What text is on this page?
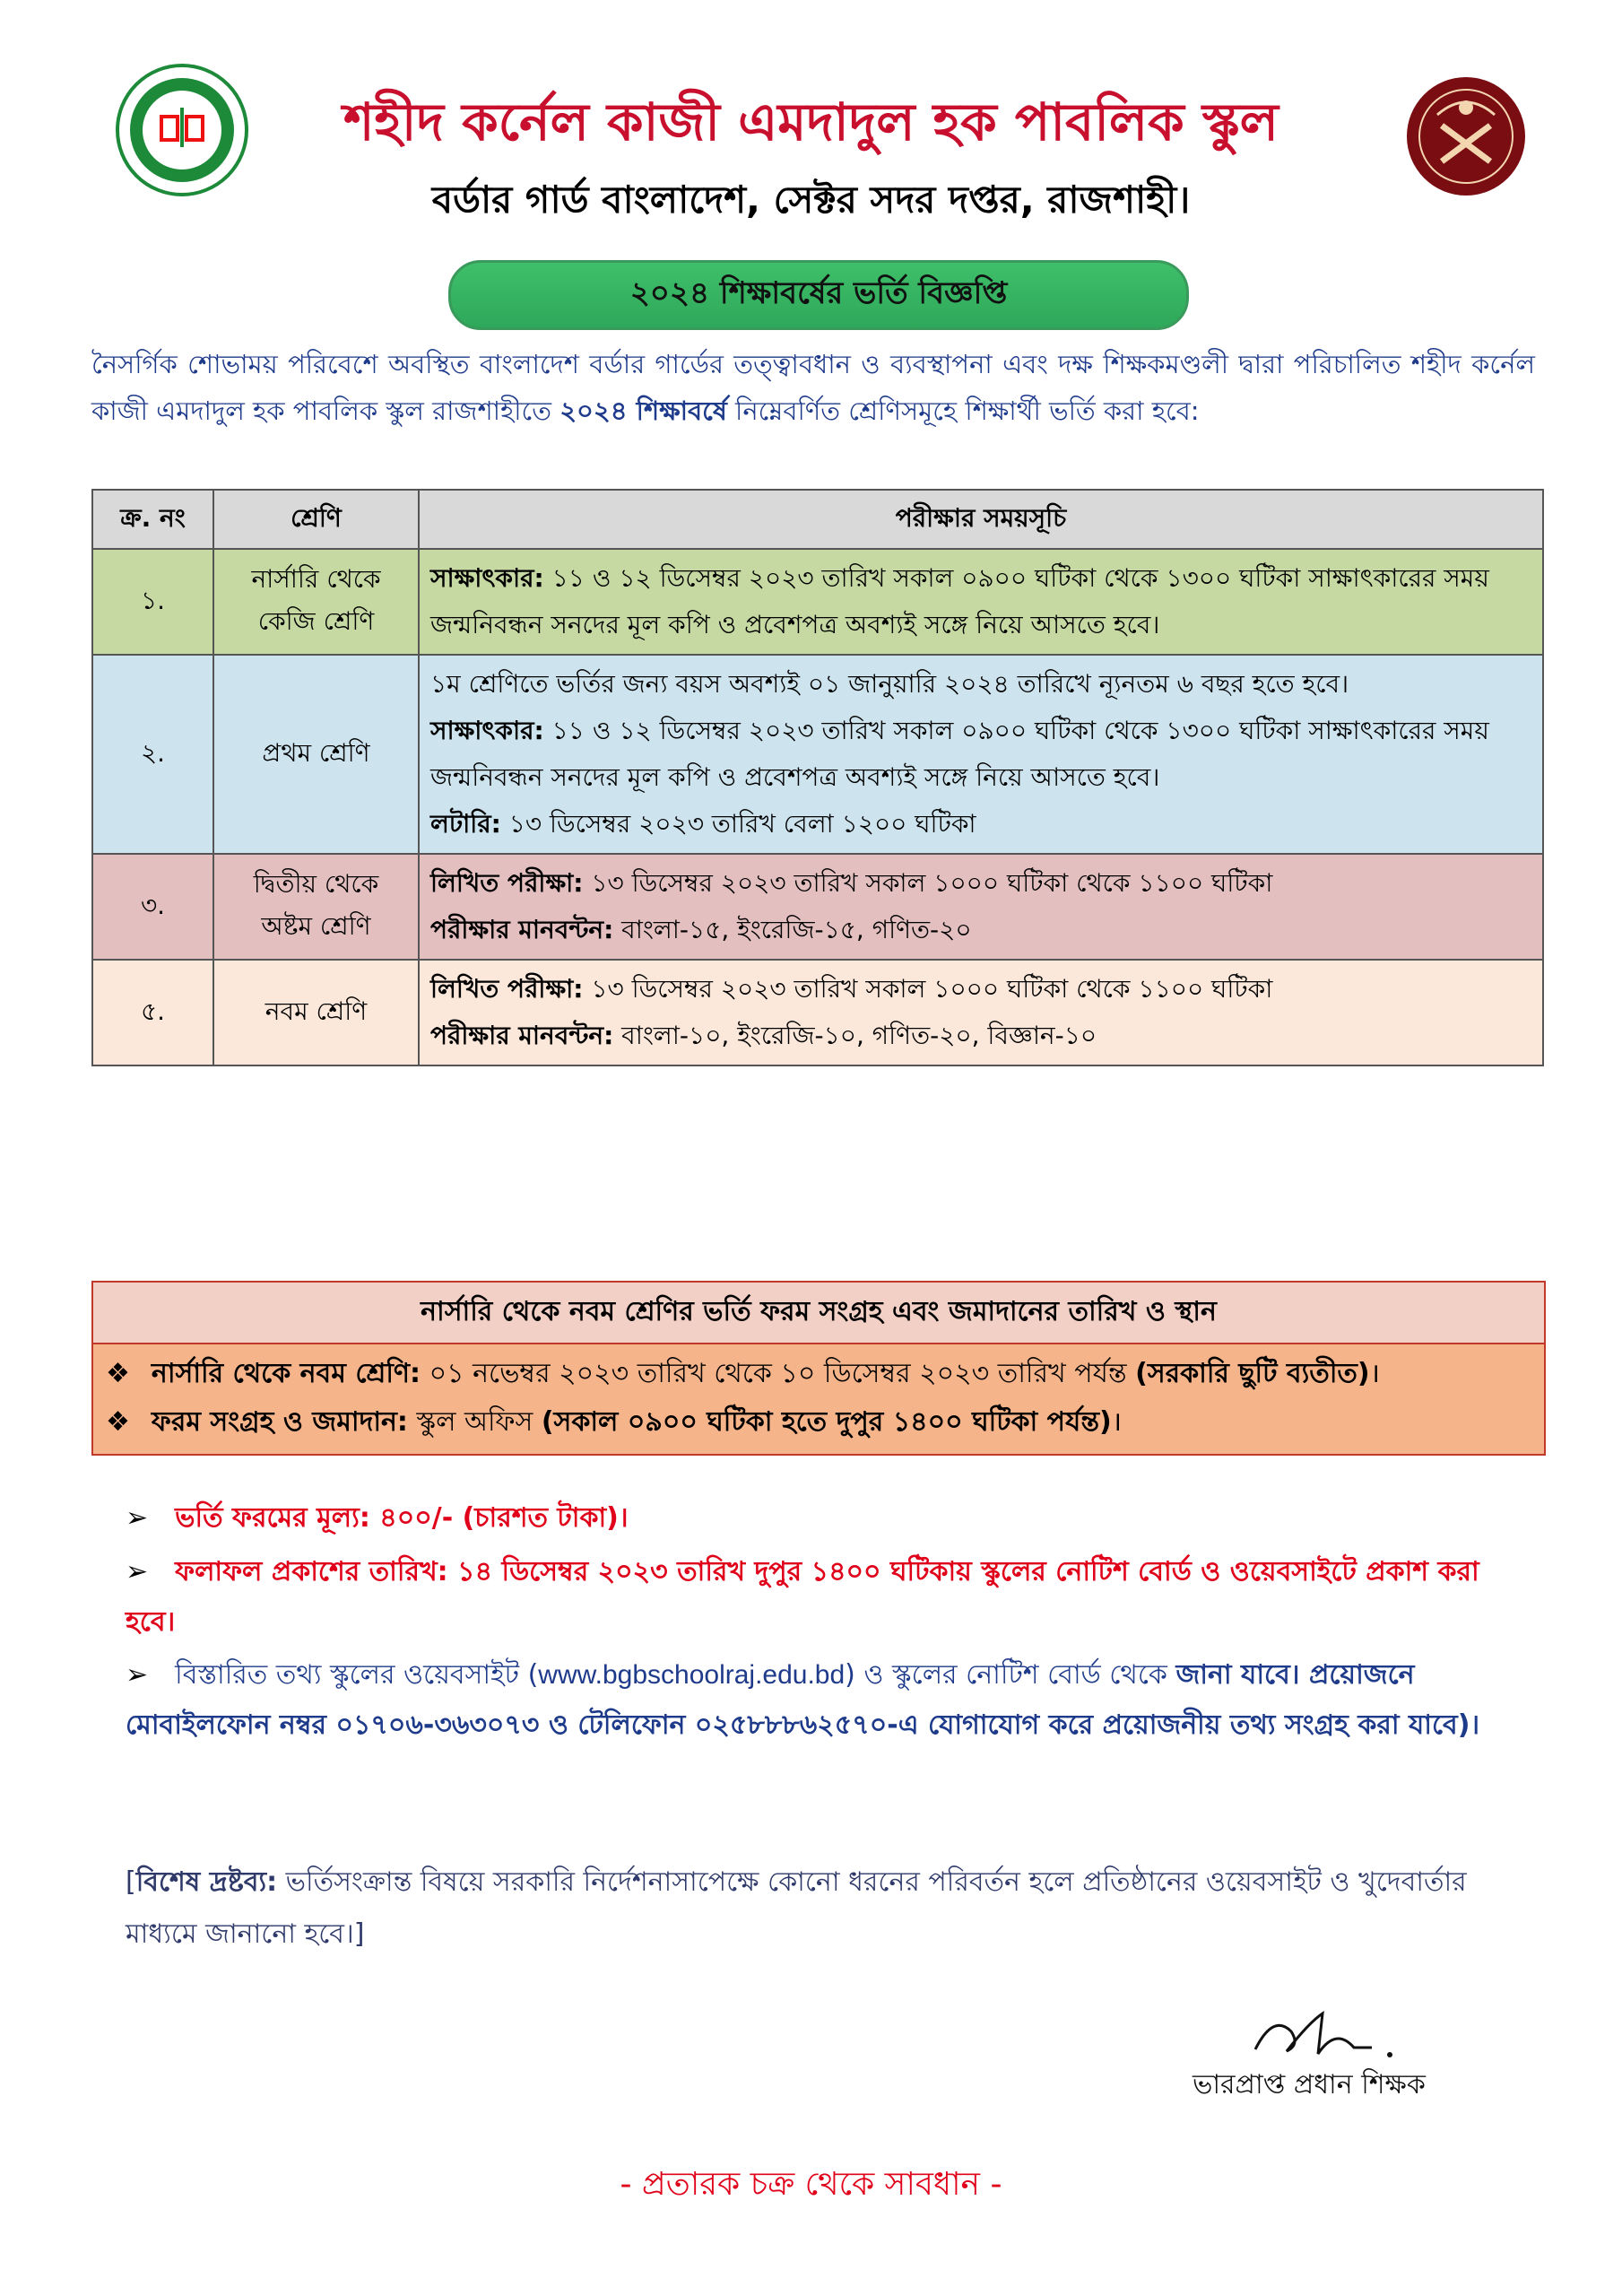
শহীদ কর্নেল কাজী এমদাদুল হক পাবলিক স্কুল
বর্ডার গার্ড বাংলাদেশ, সেক্টর সদর দপ্তর, রাজশাহী।
২০২৪ শিক্ষাবর্ষের ভর্তি বিজ্ঞপ্তি
নৈসর্গিক শোভাময় পরিবেশে অবস্থিত বাংলাদেশ বর্ডার গার্ডের তত্ত্বাবধান ও ব্যবস্থাপনা এবং দক্ষ শিক্ষকমণ্ডলী দ্বারা পরিচালিত শহীদ কর্নেল কাজী এমদাদুল হক পাবলিক স্কুল রাজশাহীতে ২০২৪ শিক্ষাবর্ষে নিম্নেবর্ণিত শ্রেণিসমূহে শিক্ষার্থী ভর্তি করা হবে:
ক্র. নং	শ্রেণি	পরীক্ষার সময়সূচি
১.	নার্সারি থেকে কেজি শ্রেণি	সাক্ষাৎকার: ১১ ও ১২ ডিসেম্বর ২০২৩ তারিখ সকাল ০৯০০ ঘটিকা থেকে ১৩০০ ঘটিকা সাক্ষাৎকারের সময় জন্মনিবন্ধন সনদের মূল কপি ও প্রবেশপত্র অবশ্যই সঙ্গে নিয়ে আসতে হবে।
২.	প্রথম শ্রেণি	১ম শ্রেণিতে ভর্তির জন্য বয়স অবশ্যই ০১ জানুয়ারি ২০২৪ তারিখে ন্যূনতম ৬ বছর হতে হবে।
সাক্ষাৎকার: ১১ ও ১২ ডিসেম্বর ২০২৩ তারিখ সকাল ০৯০০ ঘটিকা থেকে ১৩০০ ঘটিকা সাক্ষাৎকারের সময় জন্মনিবন্ধন সনদের মূল কপি ও প্রবেশপত্র অবশ্যই সঙ্গে নিয়ে আসতে হবে।
লটারি: ১৩ ডিসেম্বর ২০২৩ তারিখ বেলা ১২০০ ঘটিকা

৩.	দ্বিতীয় থেকে অষ্টম শ্রেণি	লিখিত পরীক্ষা: ১৩ ডিসেম্বর ২০২৩ তারিখ সকাল ১০০০ ঘটিকা থেকে ১১০০ ঘটিকা
পরীক্ষার মানবন্টন: বাংলা-১৫, ইংরেজি-১৫, গণিত-২০

৫.	নবম শ্রেণি	লিখিত পরীক্ষা: ১৩ ডিসেম্বর ২০২৩ তারিখ সকাল ১০০০ ঘটিকা থেকে ১১০০ ঘটিকা
পরীক্ষার মানবন্টন: বাংলা-১০, ইংরেজি-১০, গণিত-২০, বিজ্ঞান-১০
নার্সারি থেকে নবম শ্রেণির ভর্তি ফরম সংগ্রহ এবং জমাদানের তারিখ ও স্থান
❖ নার্সারি থেকে নবম শ্রেণি: ০১ নভেম্বর ২০২৩ তারিখ থেকে ১০ ডিসেম্বর ২০২৩ তারিখ পর্যন্ত (সরকারি ছুটি ব্যতীত)।
❖ ফরম সংগ্রহ ও জমাদান: স্কুল অফিস (সকাল ০৯০০ ঘটিকা হতে দুপুর ১৪০০ ঘটিকা পর্যন্ত)।
➢ ভর্তি ফরমের মূল্য: ৪০০/- (চারশত টাকা)।
➢ ফলাফল প্রকাশের তারিখ: ১৪ ডিসেম্বর ২০২৩ তারিখ দুপুর ১৪০০ ঘটিকায় স্কুলের নোটিশ বোর্ড ও ওয়েবসাইটে প্রকাশ করা হবে।
➢ বিস্তারিত তথ্য স্কুলের ওয়েবসাইট (www.bgbschoolraj.edu.bd) ও স্কুলের নোটিশ বোর্ড থেকে জানা যাবে। প্রয়োজনে মোবাইলফোন নম্বর ০১৭০৬-৩৬৩০৭৩ ও টেলিফোন ০২৫৮৮৮৬২৫৭০-এ যোগাযোগ করে প্রয়োজনীয় তথ্য সংগ্রহ করা যাবে)।
[বিশেষ দ্রষ্টব্য: ভর্তিসংক্রান্ত বিষয়ে সরকারি নির্দেশনাসাপেক্ষে কোনো ধরনের পরিবর্তন হলে প্রতিষ্ঠানের ওয়েবসাইট ও খুদেবার্তার মাধ্যমে জানানো হবে।]
ভারপ্রাপ্ত প্রধান শিক্ষক
- প্রতারক চক্র থেকে সাবধান -
